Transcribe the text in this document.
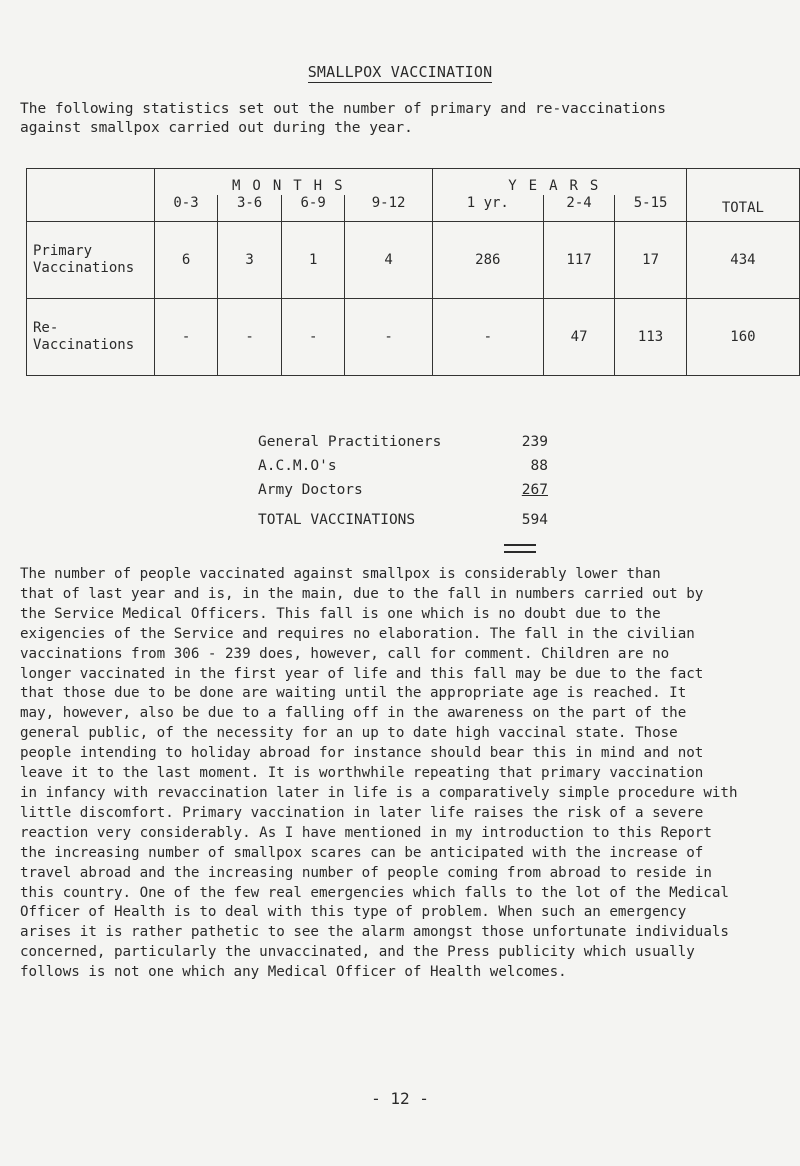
SMALLPOX VACCINATION
The following statistics set out the number of primary and re-vaccinations
against smallpox carried out during the year.
	MONTHS				YEARS			
	0-3	3-6	6-9	9-12	1 yr.	2-4	5-15	TOTAL
Primary
Vaccinations	6	3	1	4	286	117	17	434
Re-
Vaccinations	-	-	-	-	-	47	113	160
General Practitioners	239
A.C.M.O's	88
Army Doctors	267
TOTAL VACCINATIONS	594
The number of people vaccinated against smallpox is considerably lower than
that of last year and is, in the main, due to the fall in numbers carried out by
the Service Medical Officers. This fall is one which is no doubt due to the
exigencies of the Service and requires no elaboration. The fall in the civilian
vaccinations from 306 - 239 does, however, call for comment. Children are no
longer vaccinated in the first year of life and this fall may be due to the fact
that those due to be done are waiting until the appropriate age is reached. It
may, however, also be due to a falling off in the awareness on the part of the
general public, of the necessity for an up to date high vaccinal state. Those
people intending to holiday abroad for instance should bear this in mind and not
leave it to the last moment. It is worthwhile repeating that primary vaccination
in infancy with revaccination later in life is a comparatively simple procedure with
little discomfort. Primary vaccination in later life raises the risk of a severe
reaction very considerably. As I have mentioned in my introduction to this Report
the increasing number of smallpox scares can be anticipated with the increase of
travel abroad and the increasing number of people coming from abroad to reside in
this country. One of the few real emergencies which falls to the lot of the Medical
Officer of Health is to deal with this type of problem. When such an emergency
arises it is rather pathetic to see the alarm amongst those unfortunate individuals
concerned, particularly the unvaccinated, and the Press publicity which usually
follows is not one which any Medical Officer of Health welcomes.
- 12 -
